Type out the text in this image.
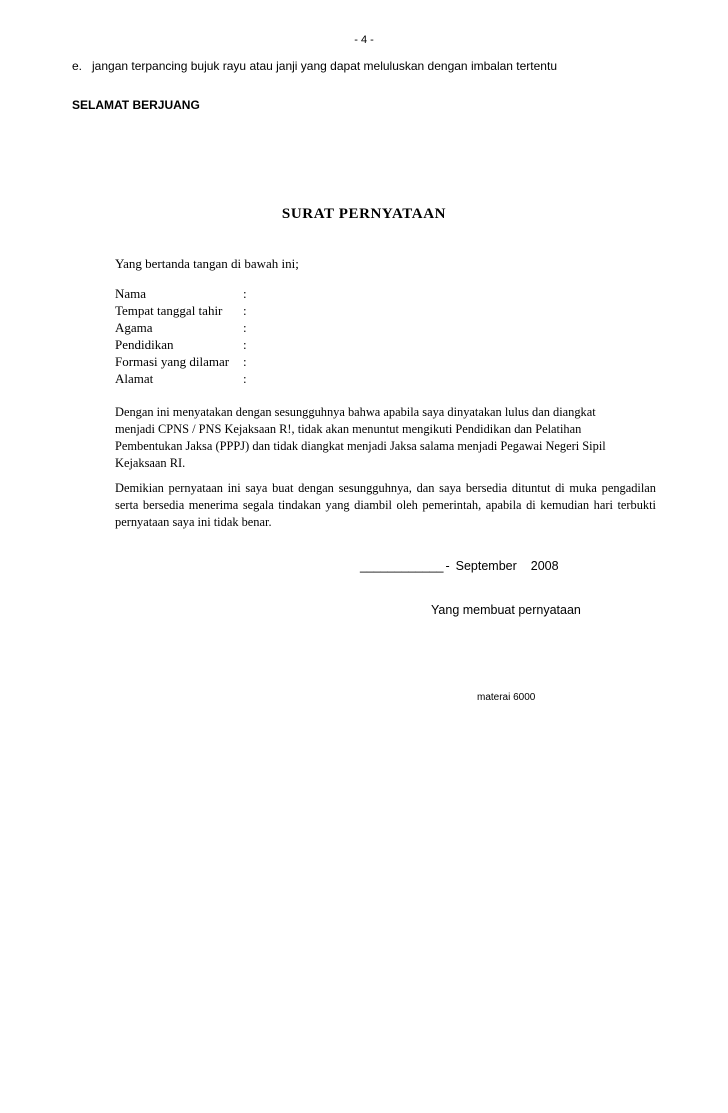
- 4 -
e. jangan terpancing bujuk rayu atau janji yang dapat meluluskan dengan imbalan tertentu
SELAMAT BERJUANG
SURAT PERNYATAAN
Yang bertanda tangan di bawah ini;
Nama	:
Tempat tanggal tahir	:
Agama	:
Pendidikan	:
Formasi yang dilamar	:
Alamat	:
Dengan ini menyatakan dengan sesungguhnya bahwa apabila saya dinyatakan lulus dan diangkat
menjadi CPNS / PNS Kejaksaan R!, tidak akan menuntut mengikuti Pendidikan dan Pelatihan
Pembentukan Jaksa (PPPJ) dan tidak diangkat menjadi Jaksa salama menjadi Pegawai Negeri Sipil
Kejaksaan RI.
Demikian pernyataan ini saya buat dengan sesungguhnya, dan saya bersedia dituntut di muka pengadilan serta bersedia menerima segala tindakan yang diambil oleh pemerintah, apabila di kemudian hari terbukti pernyataan saya ini tidak benar.
____________ - September 2008
Yang membuat pernyataan
materai 6000
